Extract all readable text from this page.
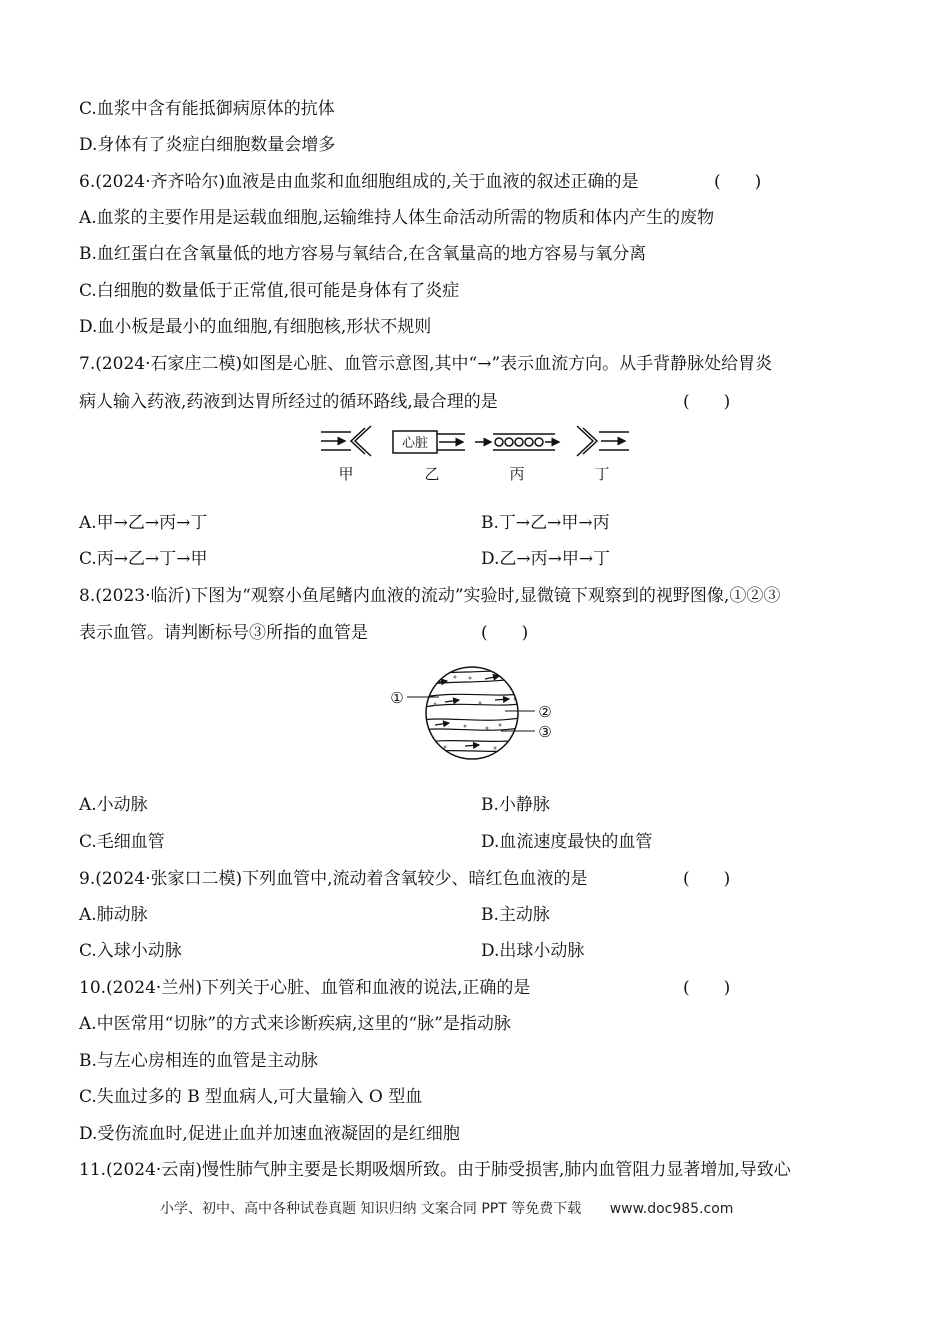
C.血浆中含有能抵御病原体的抗体
D.身体有了炎症白细胞数量会增多
6.(2024·齐齐哈尔)血液是由血浆和血细胞组成的,关于血液的叙述正确的是	(　　)
A.血浆的主要作用是运载血细胞,运输维持人体生命活动所需的物质和体内产生的废物
B.血红蛋白在含氧量低的地方容易与氧结合,在含氧量高的地方容易与氧分离
C.白细胞的数量低于正常值,很可能是身体有了炎症
D.血小板是最小的血细胞,有细胞核,形状不规则
7.(2024·石家庄二模)如图是心脏、血管示意图,其中“→”表示血流方向。从手背静脉处给胃炎
病人输入药液,药液到达胃所经过的循环路线,最合理的是	(　　)
心脏
甲	乙	丙	丁
A.甲→乙→丙→丁	B.丁→乙→甲→丙
C.丙→乙→丁→甲	D.乙→丙→甲→丁
8.(2023·临沂)下图为“观察小鱼尾鳍内血液的流动”实验时,显微镜下观察到的视野图像,①②③
表示血管。请判断标号③所指的血管是	(　　)
①
②
③
A.小动脉	B.小静脉
C.毛细血管	D.血流速度最快的血管
9.(2024·张家口二模)下列血管中,流动着含氧较少、暗红色血液的是	(　　)
A.肺动脉	B.主动脉
C.入球小动脉	D.出球小动脉
10.(2024·兰州)下列关于心脏、血管和血液的说法,正确的是	(　　)
A.中医常用“切脉”的方式来诊断疾病,这里的“脉”是指动脉
B.与左心房相连的血管是主动脉
C.失血过多的 B 型血病人,可大量输入 O 型血
D.受伤流血时,促进止血并加速血液凝固的是红细胞
11.(2024·云南)慢性肺气肿主要是长期吸烟所致。由于肺受损害,肺内血管阻力显著增加,导致心
小学、初中、高中各种试卷真题 知识归纳 文案合同 PPT 等免费下载 www.doc985.com
